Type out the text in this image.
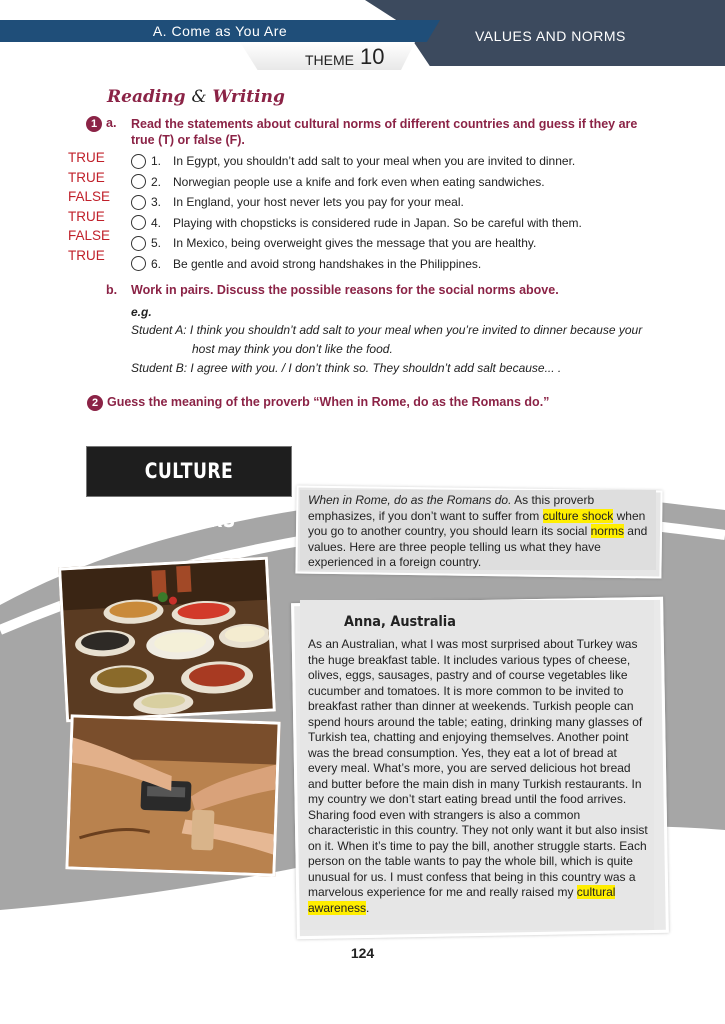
A. Come as You Are	VALUES AND NORMS
THEME 10
Reading & Writing
1 a. Read the statements about cultural norms of different countries and guess if they are true (T) or false (F).
TRUE
TRUE
FALSE
TRUE
FALSE
TRUE
1. In Egypt, you shouldn’t add salt to your meal when you are invited to dinner.
2. Norwegian people use a knife and fork even when eating sandwiches.
3. In England, your host never lets you pay for your meal.
4. Playing with chopsticks is considered rude in Japan. So be careful with them.
5. In Mexico, being overweight gives the message that you are healthy.
6. Be gentle and avoid strong handshakes in the Philippines.
b. Work in pairs. Discuss the possible reasons for the social norms above.
e.g.
Student A: I think you shouldn’t add salt to your meal when you’re invited to dinner because your
host may think you don’t like the food.
Student B: I agree with you. / I don’t think so. They shouldn’t add salt because... .
2 Guess the meaning of the proverb “When in Rome, do as the Romans do.”
CULTURE MATTERS
When in Rome, do as the Romans do. As this proverb emphasizes, if you don’t want to suffer from culture shock when you go to another country, you should learn its social norms and values. Here are three people telling us what they have experienced in a foreign country.
Anna, Australia
As an Australian, what I was most surprised about Turkey was the huge breakfast table. It includes various types of cheese, olives, eggs, sausages, pastry and of course vegetables like cucumber and tomatoes. It is more common to be invited to breakfast rather than dinner at weekends. Turkish people can spend hours around the table; eating, drinking many glasses of Turkish tea, chatting and enjoying themselves. Another point was the bread consumption. Yes, they eat a lot of bread at every meal. What’s more, you are served delicious hot bread and butter before the main dish in many Turkish restaurants. In my country we don’t start eating bread until the food arrives. Sharing food even with strangers is also a common characteristic in this country. They not only want it but also insist on it. When it’s time to pay the bill, another struggle starts. Each person on the table wants to pay the whole bill, which is quite unusual for us. I must confess that being in this country was a marvelous experience for me and really raised my cultural awareness.
124
